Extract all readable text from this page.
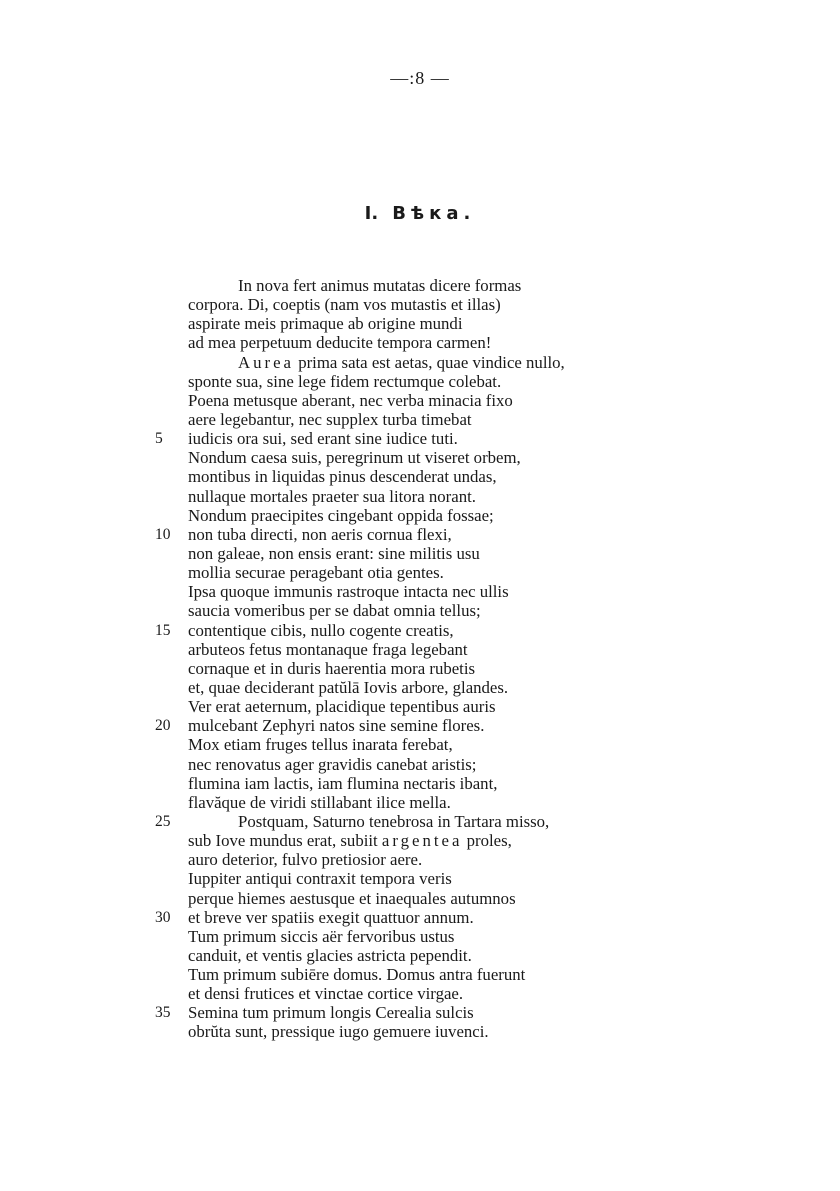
—:8 —
I. Вѣка.
In nova fert animus mutatas dicere formas
corpora. Di, coeptis (nam vos mutastis et illas)
aspirate meis primaque ab origine mundi
ad mea perpetuum deducite tempora carmen!
Aurea prima sata est aetas, quae vindice nullo,
sponte sua, sine lege fidem rectumque colebat.
Poena metusque aberant, nec verba minacia fixo
aere legebantur, nec supplex turba timebat
5	iudicis ora sui, sed erant sine iudice tuti.
Nondum caesa suis, peregrinum ut viseret orbem,
montibus in liquidas pinus descenderat undas,
nullaque mortales praeter sua litora norant.
Nondum praecipites cingebant oppida fossae;
10	non tuba directi, non aeris cornua flexi,
non galeae, non ensis erant: sine militis usu
mollia securae peragebant otia gentes.
Ipsa quoque immunis rastroque intacta nec ullis
saucia vomeribus per se dabat omnia tellus;
15	contentique cibis, nullo cogente creatis,
arbuteos fetus montanaque fraga legebant
cornaque et in duris haerentia mora rubetis
et, quae deciderant patŭlā Iovis arbore, glandes.
Ver erat aeternum, placidique tepentibus auris
20	mulcebant Zephyri natos sine semine flores.
Mox etiam fruges tellus inarata ferebat,
nec renovatus ager gravidis canebat aristis;
flumina iam lactis, iam flumina nectaris ibant,
flavăque de viridi stillabant ilice mella.
25	Postquam, Saturno tenebrosa in Tartara misso,
sub Iove mundus erat, subiit argentea proles,
auro deterior, fulvo pretiosior aere.
Iuppiter antiqui contraxit tempora veris
perque hiemes aestusque et inaequales autumnos
30	et breve ver spatiis exegit quattuor annum.
Tum primum siccis aër fervoribus ustus
canduit, et ventis glacies astricta pependit.
Tum primum subiēre domus. Domus antra fuerunt
et densi frutices et vinctae cortice virgae.
35	Semina tum primum longis Cerealia sulcis
obrŭta sunt, pressique iugo gemuere iuvenci.
